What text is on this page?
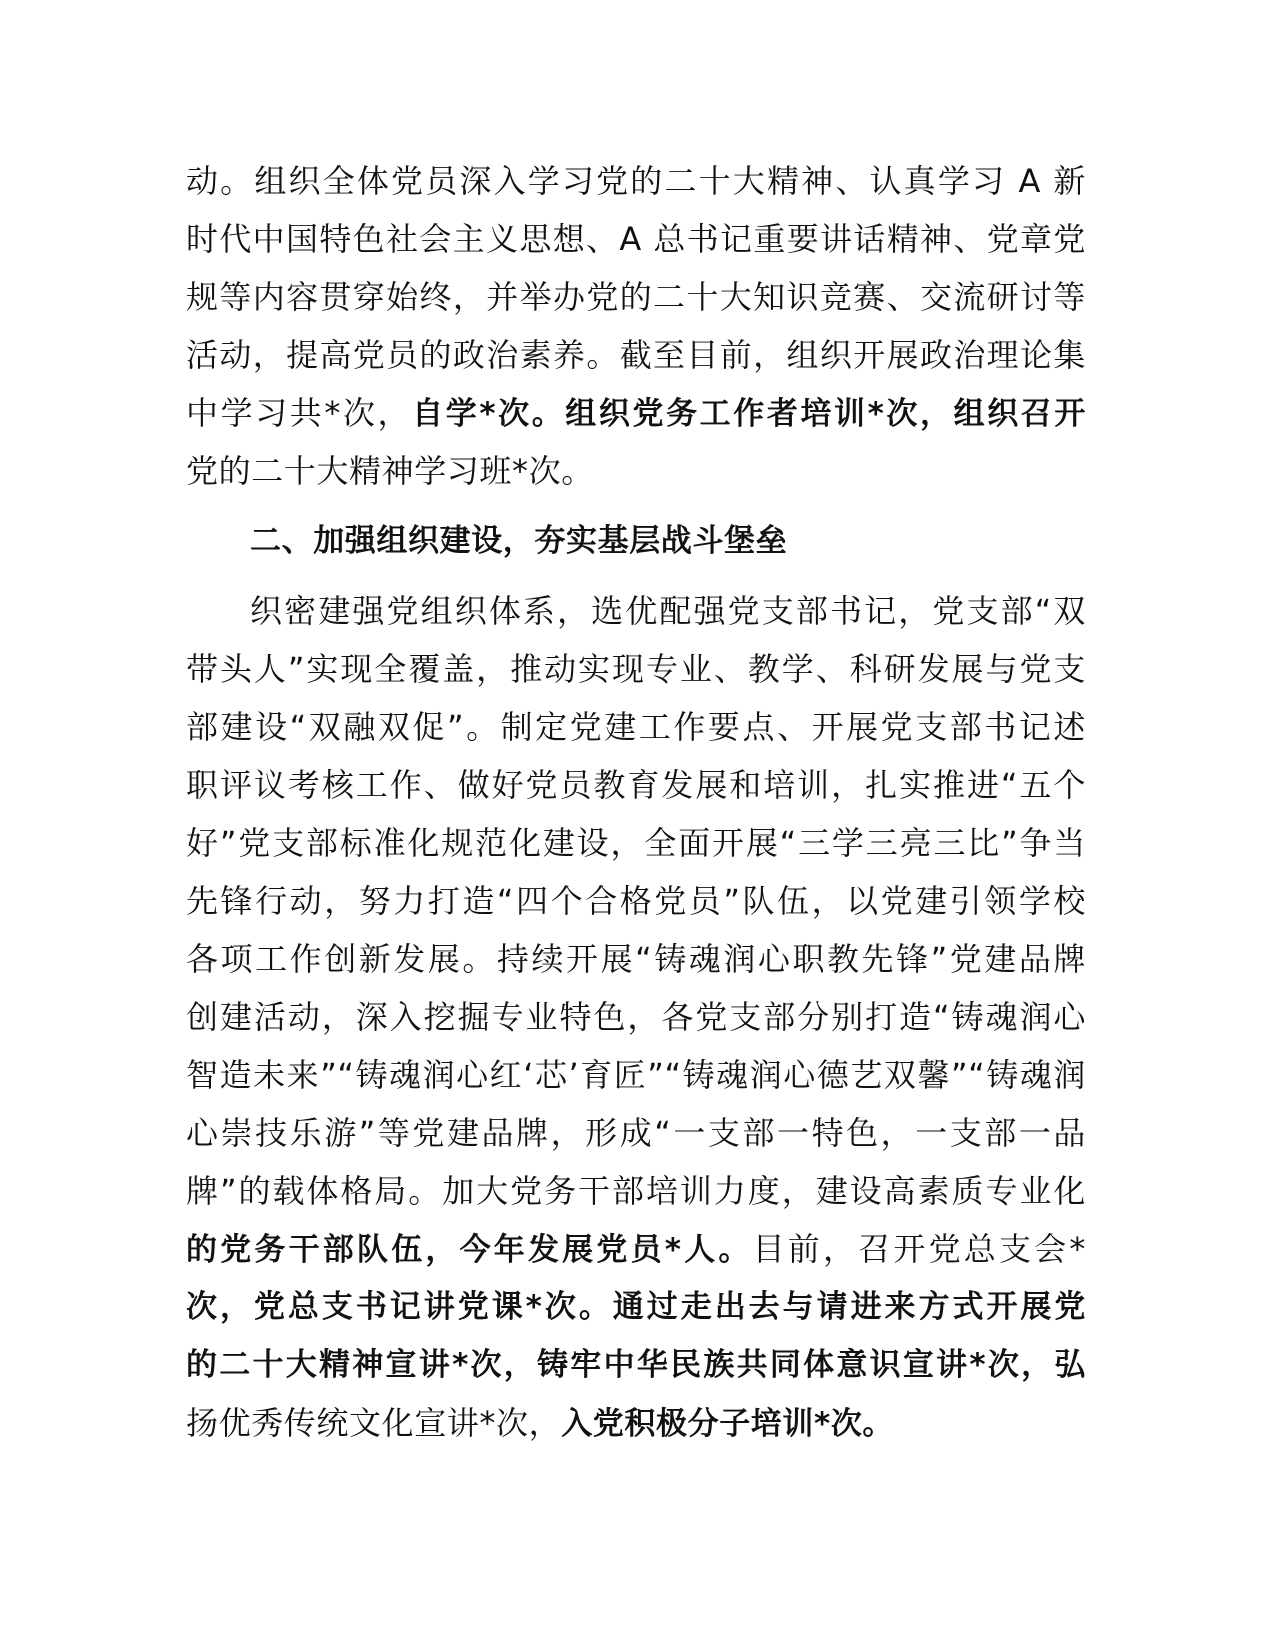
动。组织全体党员深入学习党的二十大精神、认真学习 A 新
时代中国特色社会主义思想、A 总书记重要讲话精神、党章党
规等内容贯穿始终，并举办党的二十大知识竞赛、交流研讨等
活动，提高党员的政治素养。截至目前，组织开展政治理论集
中学习共*次，自学*次。组织党务工作者培训*次，组织召开
党的二十大精神学习班*次。
二、加强组织建设，夯实基层战斗堡垒
织密建强党组织体系，选优配强党支部书记，党支部“双
带头人”实现全覆盖，推动实现专业、教学、科研发展与党支
部建设“双融双促”。制定党建工作要点、开展党支部书记述
职评议考核工作、做好党员教育发展和培训，扎实推进“五个
好”党支部标准化规范化建设，全面开展“三学三亮三比”争当
先锋行动，努力打造“四个合格党员”队伍，以党建引领学校
各项工作创新发展。持续开展“铸魂润心职教先锋”党建品牌
创建活动，深入挖掘专业特色，各党支部分别打造“铸魂润心
智造未来”“铸魂润心红‘芯’育匠”“铸魂润心德艺双馨”“铸魂润
心崇技乐游”等党建品牌，形成“一支部一特色，一支部一品
牌”的载体格局。加大党务干部培训力度，建设高素质专业化
的党务干部队伍，今年发展党员*人。目前，召开党总支会*
次，党总支书记讲党课*次。通过走出去与请进来方式开展党
的二十大精神宣讲*次，铸牢中华民族共同体意识宣讲*次，弘
扬优秀传统文化宣讲*次，入党积极分子培训*次。
